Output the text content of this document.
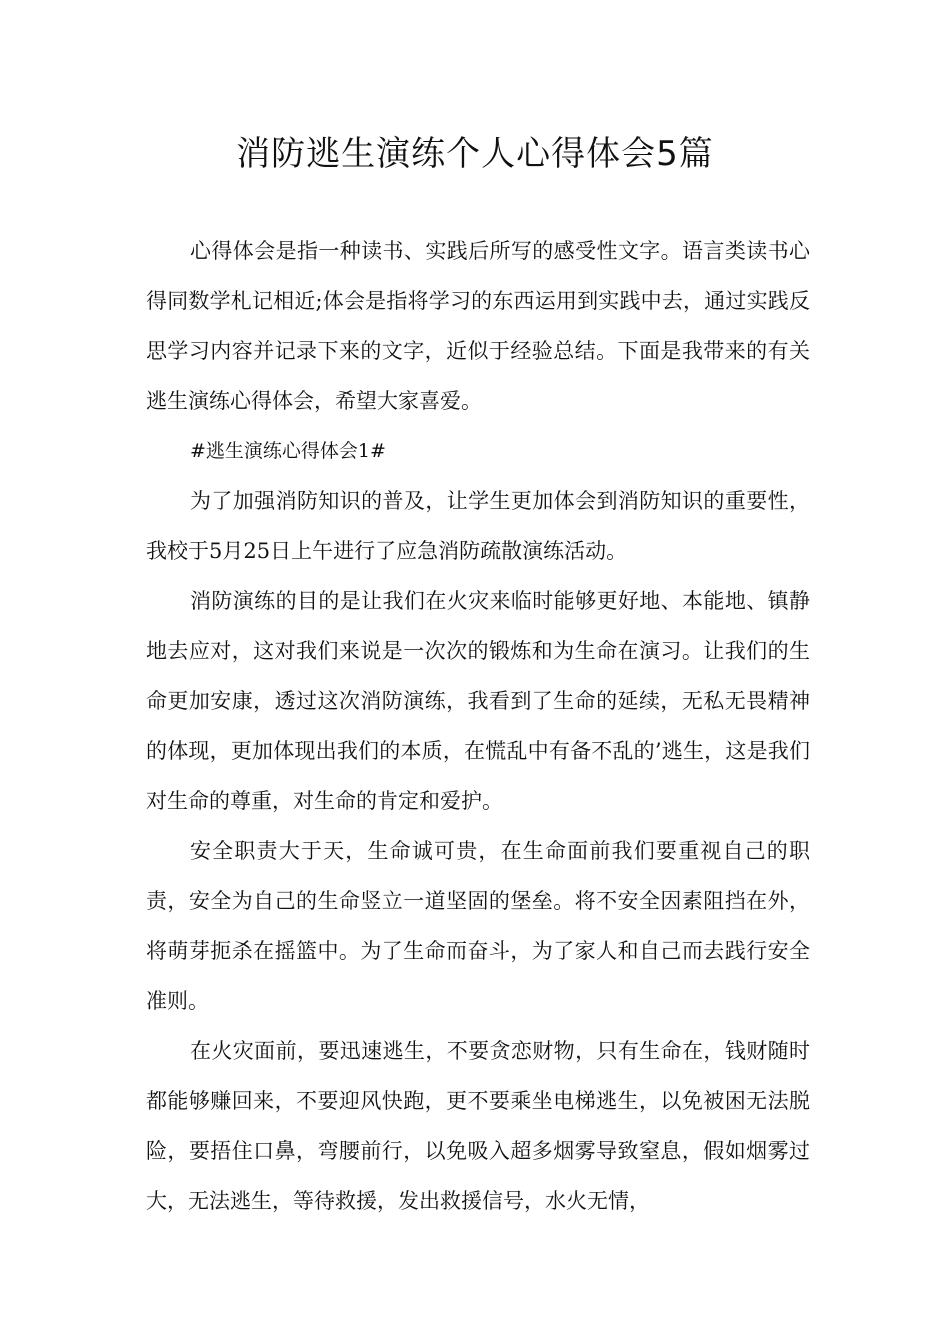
消防逃生演练个人心得体会5篇

心得体会是指一种读书、实践后所写的感受性文字。语言类读书心得同数学札记相近;体会是指将学习的东西运用到实践中去，通过实践反思学习内容并记录下来的文字，近似于经验总结。下面是我带来的有关逃生演练心得体会，希望大家喜爱。

#逃生演练心得体会1#

为了加强消防知识的普及，让学生更加体会到消防知识的重要性，我校于5月25日上午进行了应急消防疏散演练活动。

消防演练的目的是让我们在火灾来临时能够更好地、本能地、镇静地去应对，这对我们来说是一次次的锻炼和为生命在演习。让我们的生命更加安康，透过这次消防演练，我看到了生命的延续，无私无畏精神的体现，更加体现出我们的本质，在慌乱中有备不乱的’逃生，这是我们对生命的尊重，对生命的肯定和爱护。

安全职责大于天，生命诚可贵，在生命面前我们要重视自己的职责，安全为自己的生命竖立一道坚固的堡垒。将不安全因素阻挡在外，将萌芽扼杀在摇篮中。为了生命而奋斗，为了家人和自己而去践行安全准则。

在火灾面前，要迅速逃生，不要贪恋财物，只有生命在，钱财随时都能够赚回来，不要迎风快跑，更不要乘坐电梯逃生，以免被困无法脱险，要捂住口鼻，弯腰前行，以免吸入超多烟雾导致窒息，假如烟雾过大，无法逃生，等待救援，发出救援信号，水火无情，
